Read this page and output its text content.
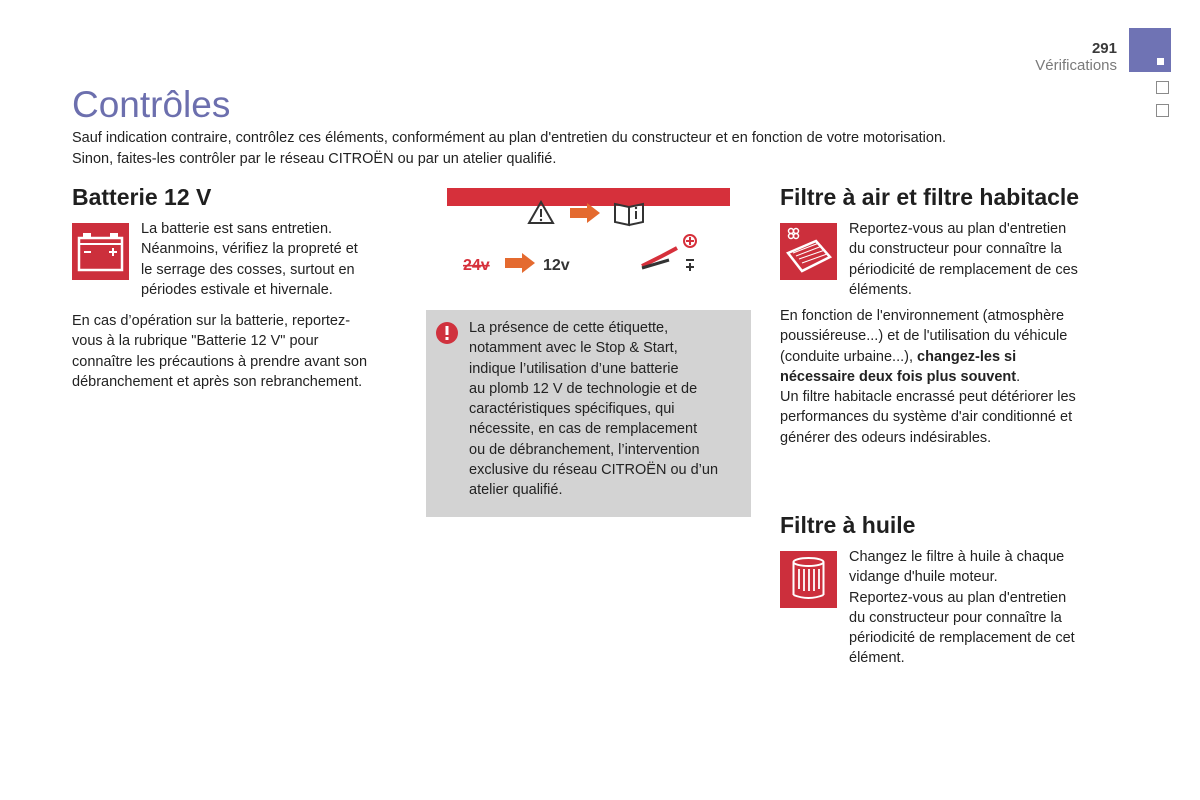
291
Vérifications
Contrôles
Sauf indication contraire, contrôlez ces éléments, conformément au plan d'entretien du constructeur et en fonction de votre motorisation.
Sinon, faites-les contrôler par le réseau CITROËN ou par un atelier qualifié.
Batterie 12 V
La batterie est sans entretien.
Néanmoins, vérifiez la propreté et
le serrage des cosses, surtout en
périodes estivale et hivernale.
En cas d’opération sur la batterie, reportez-
vous à la rubrique "Batterie 12 V" pour
connaître les précautions à prendre avant son
débranchement et après son rebranchement.
24v	12v
La présence de cette étiquette,
notamment avec le Stop & Start,
indique l’utilisation d’une batterie
au plomb 12 V de technologie et de
caractéristiques spécifiques, qui
nécessite, en cas de remplacement
ou de débranchement, l’intervention
exclusive du réseau CITROËN ou d’un
atelier qualifié.
Filtre à air et filtre habitacle
Reportez-vous au plan d'entretien
du constructeur pour connaître la
périodicité de remplacement de ces
éléments.
En fonction de l'environnement (atmosphère
poussiéreuse...) et de l'utilisation du véhicule
(conduite urbaine...), changez-les si
nécessaire deux fois plus souvent.
Un filtre habitacle encrassé peut détériorer les
performances du système d'air conditionné et
générer des odeurs indésirables.
Filtre à huile
Changez le filtre à huile à chaque
vidange d'huile moteur.
Reportez-vous au plan d'entretien
du constructeur pour connaître la
périodicité de remplacement de cet
élément.
